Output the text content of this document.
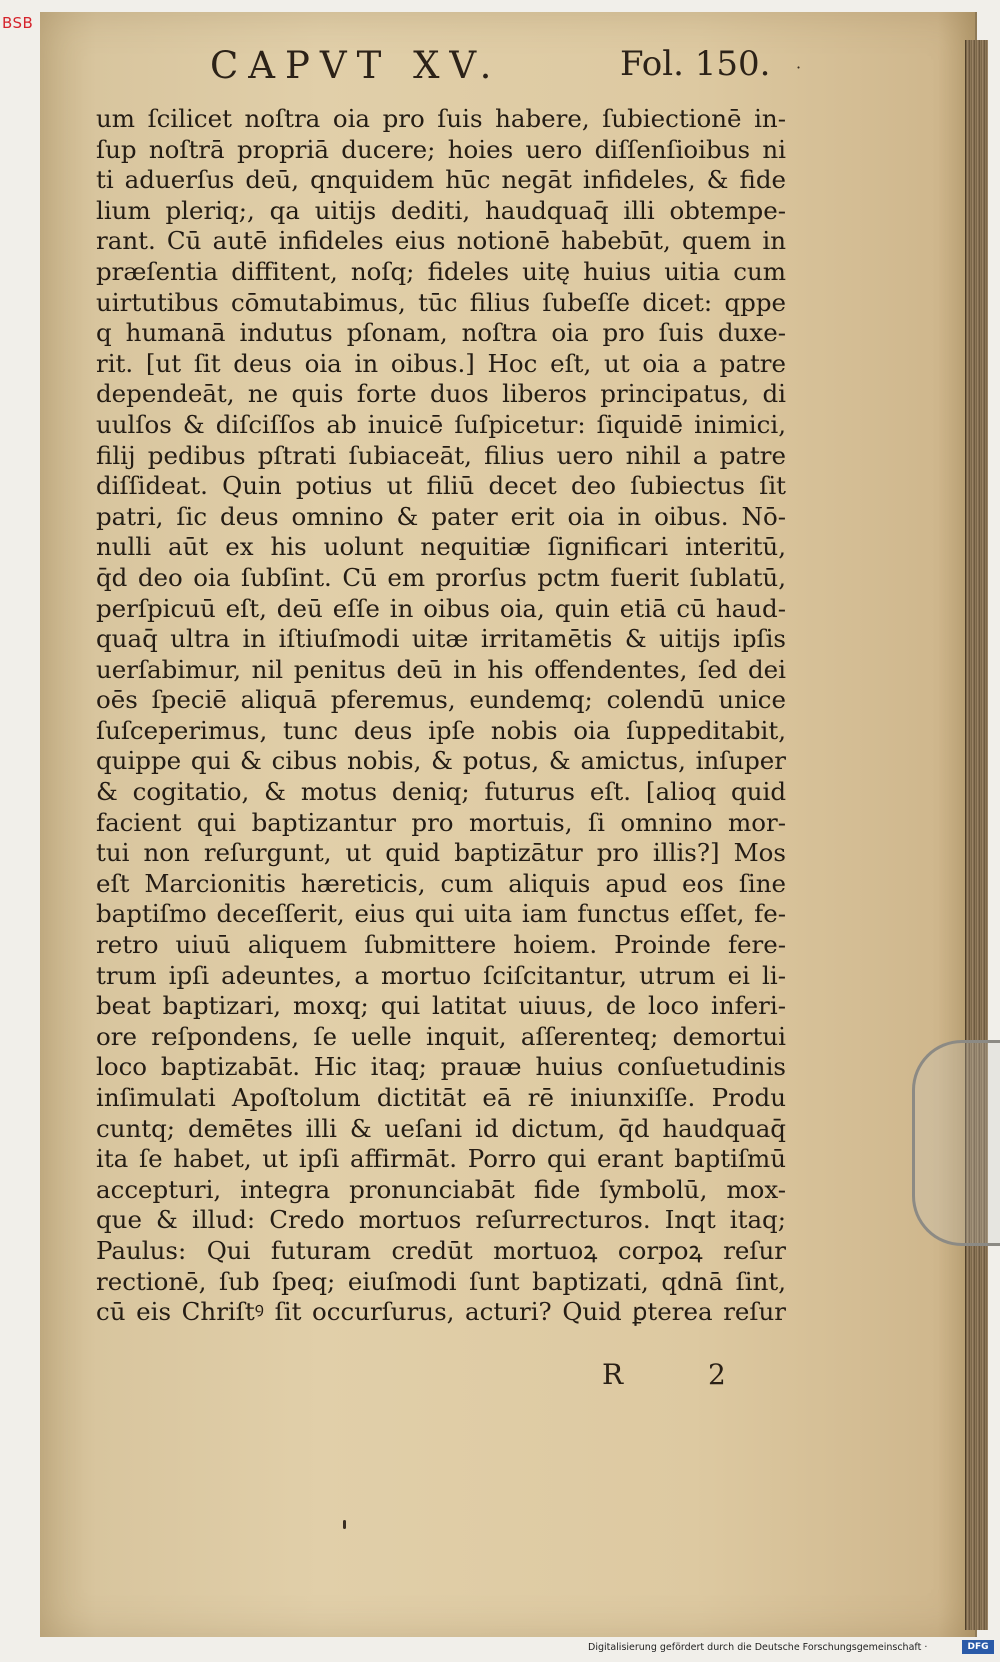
BSB
CAPVT XV.	Fol. 150. ·
um ſcilicet noſtra oia pro ſuis habere, ſubiectionē in-
ſup noſtrā propriā ducere; hoies uero diſſenſioibus ni
ti aduerſus deū, qnquidem hūc negāt infideles, & fide
lium pleriq;, qa uitijs dediti, haudquaq̄ illi obtempe-
rant. Cū autē infideles eius notionē habebūt, quem in
præſentia diffitent, noſq; fideles uitę huius uitia cum
uirtutibus cōmutabimus, tūc filius ſubeſſe dicet: qppe
q humanā indutus pſonam, noſtra oia pro ſuis duxe-
rit. [ut ſit deus oia in oibus.] Hoc eſt, ut oia a patre
dependeāt, ne quis forte duos liberos principatus, di
uulſos & diſciſſos ab inuicē ſuſpicetur: ſiquidē inimici,
filij pedibus pſtrati ſubiaceāt, filius uero nihil a patre
diſſideat. Quin potius ut filiū decet deo ſubiectus ſit
patri, ſic deus omnino & pater erit oia in oibus. Nō-
nulli aūt ex his uolunt nequitiæ ſignificari interitū,
q̄d deo oia ſubſint. Cū em prorſus pctm fuerit ſublatū,
perſpicuū eſt, deū eſſe in oibus oia, quin etiā cū haud-
quaq̄ ultra in iſtiuſmodi uitæ irritamētis & uitijs ipſis
uerſabimur, nil penitus deū in his offendentes, ſed dei
oēs ſpeciē aliquā pferemus, eundemq; colendū unice
ſuſceperimus, tunc deus ipſe nobis oia ſuppeditabit,
quippe qui & cibus nobis, & potus, & amictus, inſuper
& cogitatio, & motus deniq; futurus eſt. [alioq quid
facient qui baptizantur pro mortuis, ſi omnino mor-
tui non reſurgunt, ut quid baptizātur pro illis?] Mos
eſt Marcionitis hæreticis, cum aliquis apud eos ſine
baptiſmo deceſſerit, eius qui uita iam functus eſſet, fe-
retro uiuū aliquem ſubmittere hoiem. Proinde fere-
trum ipſi adeuntes, a mortuo ſciſcitantur, utrum ei li-
beat baptizari, moxq; qui latitat uiuus, de loco inferi-
ore reſpondens, ſe uelle inquit, aſſerenteq; demortui
loco baptizabāt. Hic itaq; prauæ huius conſuetudinis
inſimulati Apoſtolum dictitāt eā rē iniunxiſſe. Produ
cuntq; demētes illi & ueſani id dictum, q̄d haudquaq̄
ita ſe habet, ut ipſi affirmāt. Porro qui erant baptiſmū
accepturi, integra pronunciabāt fide ſymbolū, mox-
que & illud: Credo mortuos reſurrecturos. Inqt itaq;
Paulus: Qui futuram credūt mortuoꝝ corpoꝝ reſur
rectionē, ſub ſpeq; eiuſmodi ſunt baptizati, qdnā ſint,
cū eis Chriſtꝰ ſit occurſurus, acturi? Quid ꝑterea reſur
R 2
Digitalisierung gefördert durch die Deutsche Forschungsgemeinschaft ·	DFG
